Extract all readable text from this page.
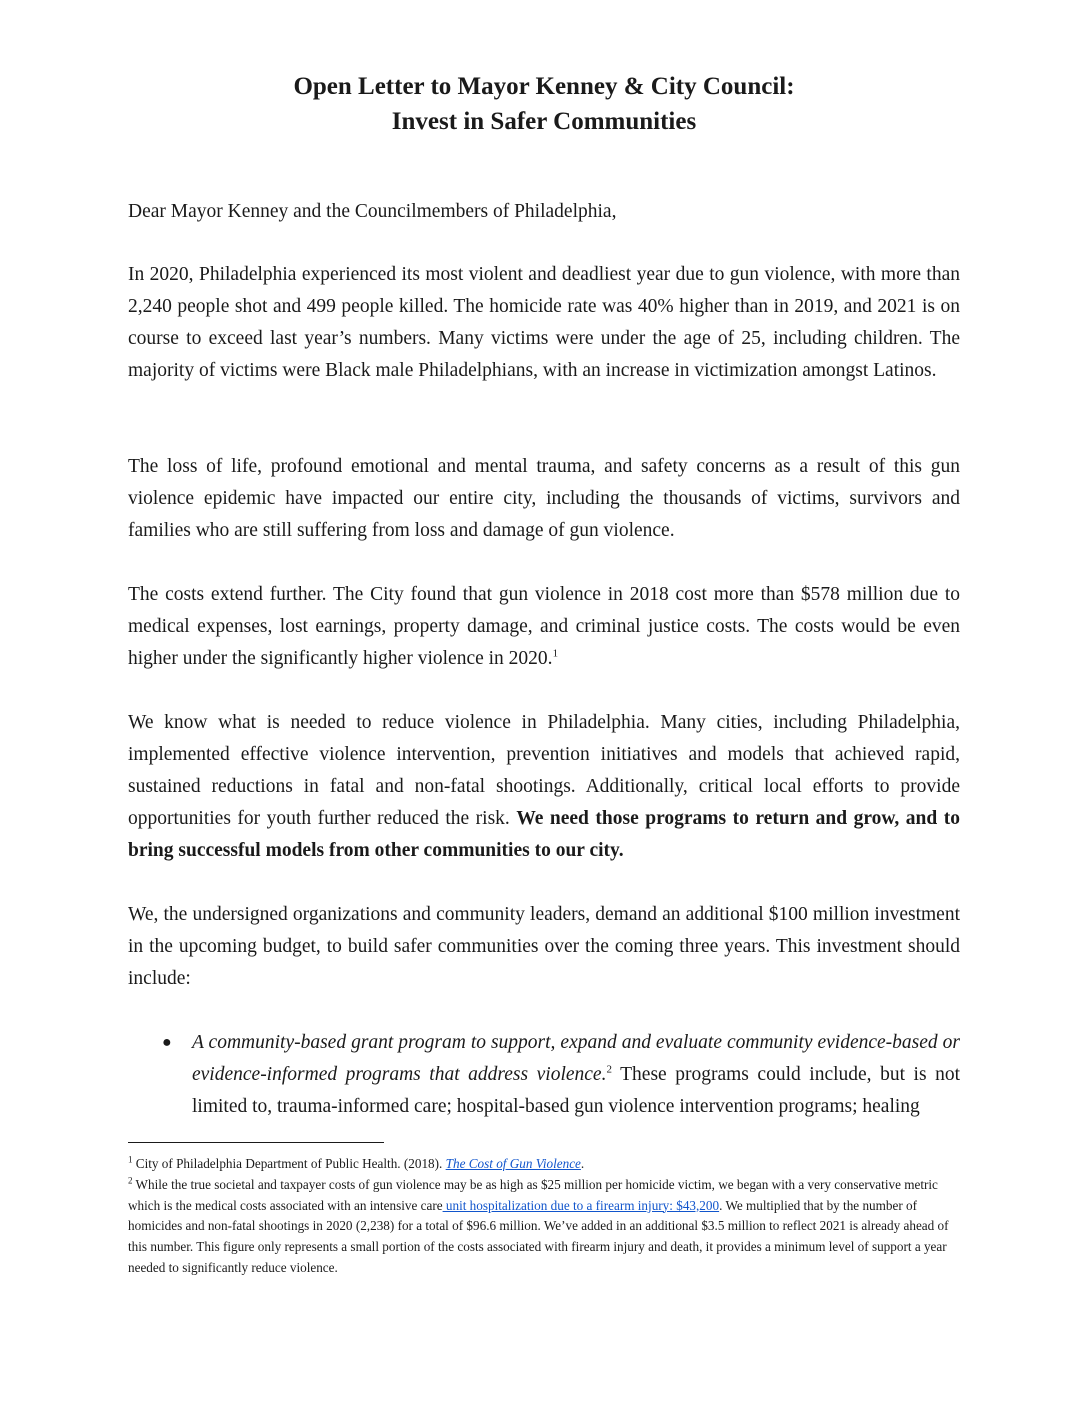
Open Letter to Mayor Kenney & City Council:
Invest in Safer Communities

Dear Mayor Kenney and the Councilmembers of Philadelphia,

In 2020, Philadelphia experienced its most violent and deadliest year due to gun violence, with more than 2,240 people shot and 499 people killed. The homicide rate was 40% higher than in 2019, and 2021 is on course to exceed last year’s numbers. Many victims were under the age of 25, including children. The majority of victims were Black male Philadelphians, with an increase in victimization amongst Latinos.

The loss of life, profound emotional and mental trauma, and safety concerns as a result of this gun violence epidemic have impacted our entire city, including the thousands of victims, survivors and families who are still suffering from loss and damage of gun violence.

The costs extend further. The City found that gun violence in 2018 cost more than $578 million due to medical expenses, lost earnings, property damage, and criminal justice costs. The costs would be even higher under the significantly higher violence in 2020.$^1$

We know what is needed to reduce violence in Philadelphia. Many cities, including Philadelphia, implemented effective violence intervention, prevention initiatives and models that achieved rapid, sustained reductions in fatal and non-fatal shootings. Additionally, critical local efforts to provide opportunities for youth further reduced the risk. We need those programs to return and grow, and to bring successful models from other communities to our city.

We, the undersigned organizations and community leaders, demand an additional $100 million investment in the upcoming budget, to build safer communities over the coming three years. This investment should include:

● A community-based grant program to support, expand and evaluate community evidence-based or evidence-informed programs that address violence.$^2$ These programs could include, but is not limited to, trauma-informed care; hospital-based gun violence intervention programs; healing

$^1$ City of Philadelphia Department of Public Health. (2018). The Cost of Gun Violence.

$^2$ While the true societal and taxpayer costs of gun violence may be as high as $25 million per homicide victim, we began with a very conservative metric which is the medical costs associated with an intensive care unit hospitalization due to a firearm injury: $43,200. We multiplied that by the number of homicides and non-fatal shootings in 2020 (2,238) for a total of $96.6 million. We’ve added in an additional $3.5 million to reflect 2021 is already ahead of this number. This figure only represents a small portion of the costs associated with firearm injury and death, it provides a minimum level of support a year needed to significantly reduce violence.
